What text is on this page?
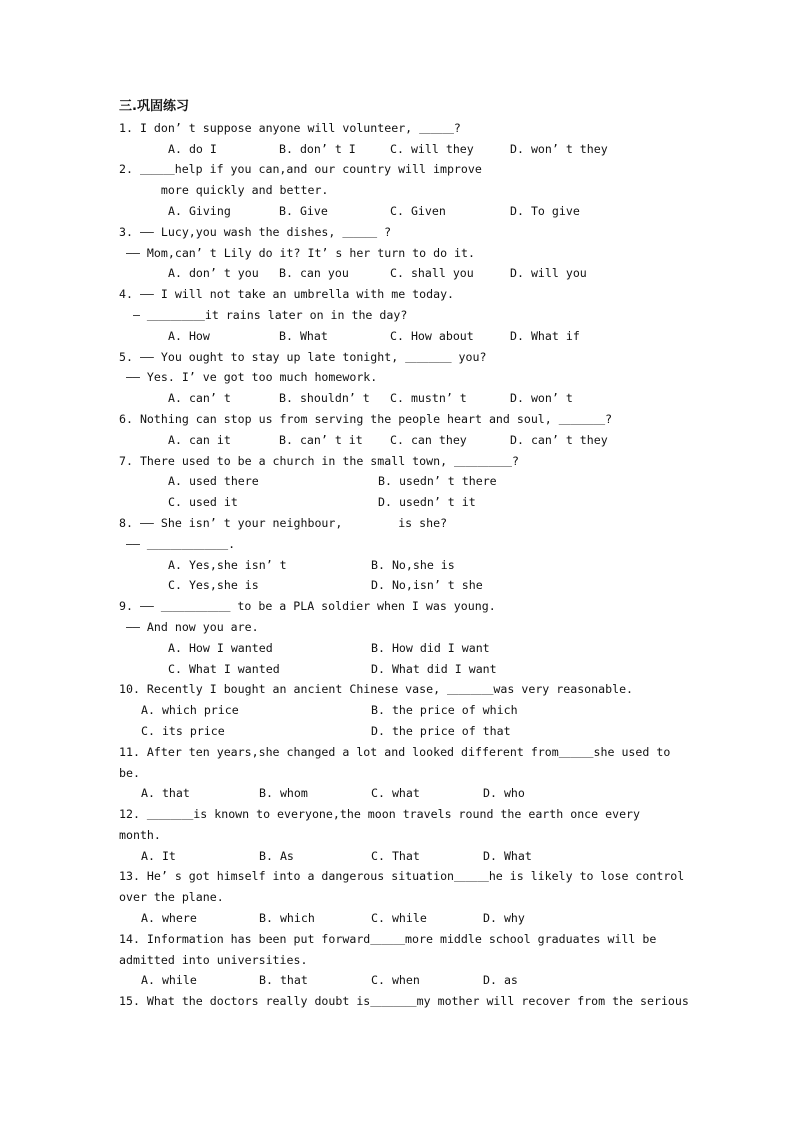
三.巩固练习
1. I don’ t suppose anyone will volunteer, ＿＿＿?
A. do I	B. don’ t I	C. will they	D. won’ t they
2. ＿＿＿help if you can,and our country will improve
more quickly and better.
A. Giving	B. Give	C. Given	D. To give
3. —— Lucy,you wash the dishes, ＿＿＿ ?
—— Mom,can’ t Lily do it? It’ s her turn to do it.
A. don’ t you	B. can you	C. shall you	D. will you
4. —— I will not take an umbrella with me today.
— ＿＿＿＿＿it rains later on in the day?
A. How	B. What	C. How about	D. What if
5. —— You ought to stay up late tonight, ＿＿＿＿ you?
—— Yes. I’ ve got too much homework.
A. can’ t	B. shouldn’ t	C. mustn’ t	D. won’ t
6. Nothing can stop us from serving the people heart and soul, ＿＿＿＿?
A. can it	B. can’ t it	C. can they	D. can’ t they
7. There used to be a church in the small town, ＿＿＿＿＿?
A. used there	B. usedn’ t there
C. used it	D. usedn’ t it
8. —— She isn’ t your neighbour,        is she?
—— ＿＿＿＿＿＿＿.
A. Yes,she isn’ t	B. No,she is
C. Yes,she is	D. No,isn’ t she
9. —— ＿＿＿＿＿＿ to be a PLA soldier when I was young.
—— And now you are.
A. How I wanted	B. How did I want
C. What I wanted	D. What did I want
10. Recently I bought an ancient Chinese vase, ＿＿＿＿was very reasonable.
A. which price	B. the price of which
C. its price	D. the price of that
11. After ten years,she changed a lot and looked different from＿＿＿she used to
be.
A. that	B. whom	C. what	D. who
12. ＿＿＿＿is known to everyone,the moon travels round the earth once every
month.
A. It	B. As	C. That	D. What
13. He’ s got himself into a dangerous situation＿＿＿he is likely to lose control
over the plane.
A. where	B. which	C. while	D. why
14. Information has been put forward＿＿＿more middle school graduates will be
admitted into universities.
A. while	B. that	C. when	D. as
15. What the doctors really doubt is＿＿＿＿my mother will recover from the serious
